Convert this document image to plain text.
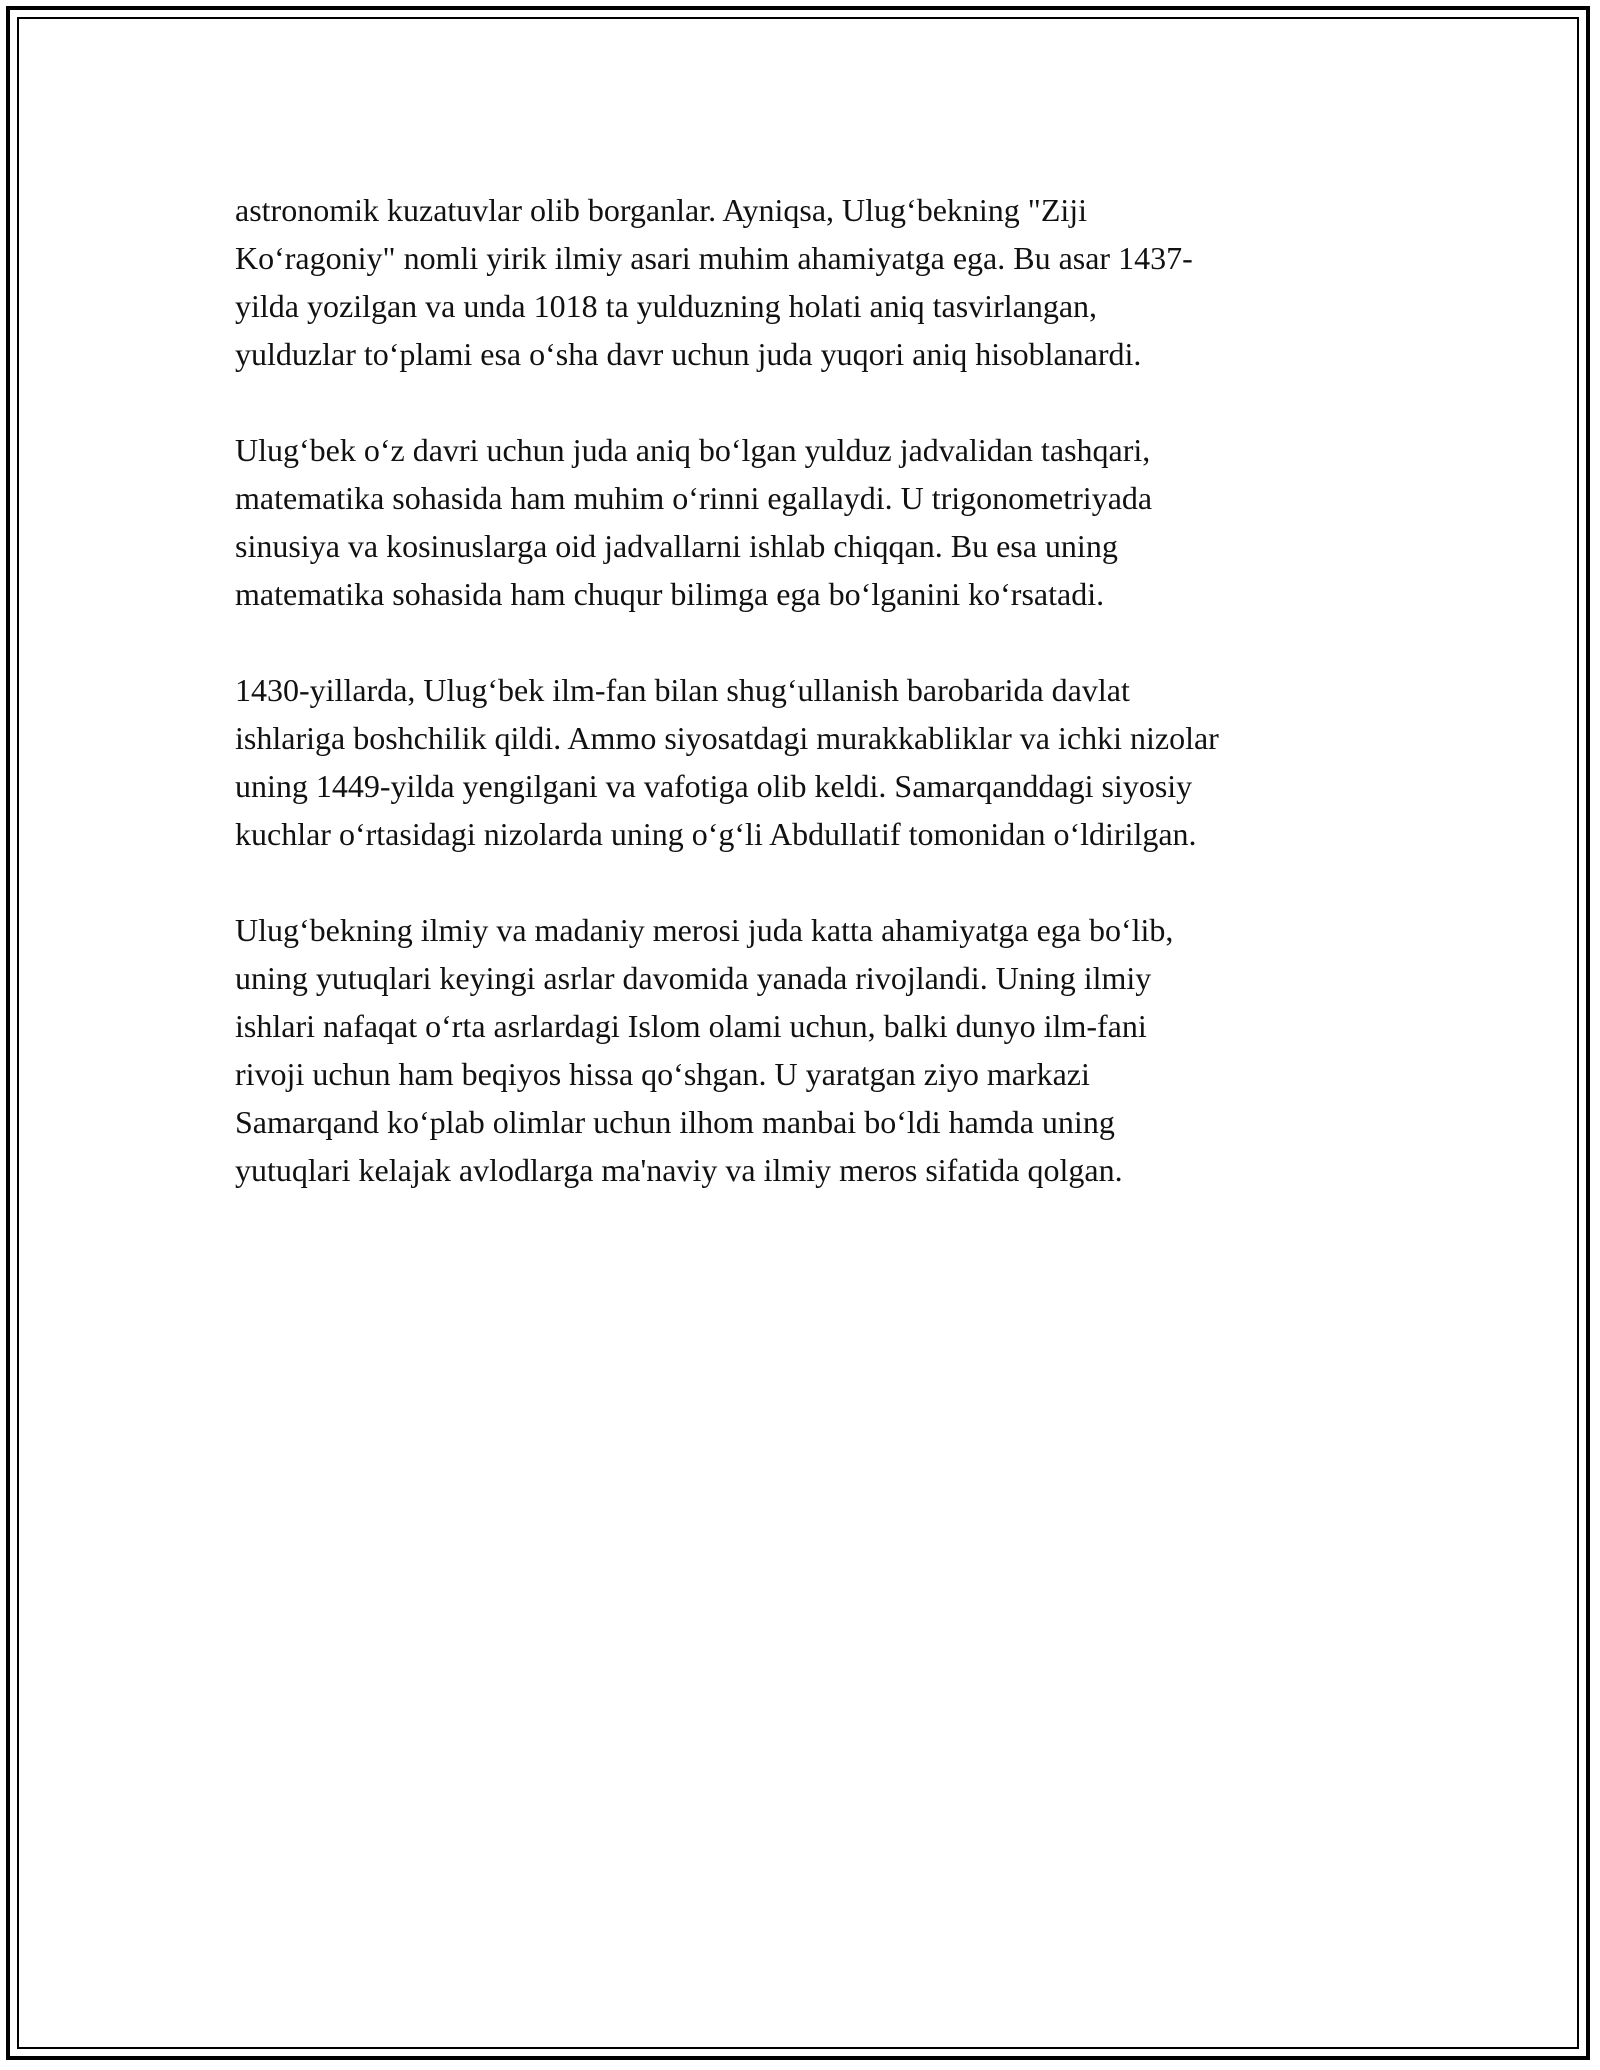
astronomik kuzatuvlar olib borganlar. Ayniqsa, Ulug‘bekning "Ziji
Ko‘ragoniy" nomli yirik ilmiy asari muhim ahamiyatga ega. Bu asar 1437-
yilda yozilgan va unda 1018 ta yulduzning holati aniq tasvirlangan,
yulduzlar to‘plami esa o‘sha davr uchun juda yuqori aniq hisoblanardi.

Ulug‘bek o‘z davri uchun juda aniq bo‘lgan yulduz jadvalidan tashqari,
matematika sohasida ham muhim o‘rinni egallaydi. U trigonometriyada
sinusiya va kosinuslarga oid jadvallarni ishlab chiqqan. Bu esa uning
matematika sohasida ham chuqur bilimga ega bo‘lganini ko‘rsatadi.

1430-yillarda, Ulug‘bek ilm-fan bilan shug‘ullanish barobarida davlat
ishlariga boshchilik qildi. Ammo siyosatdagi murakkabliklar va ichki nizolar
uning 1449-yilda yengilgani va vafotiga olib keldi. Samarqanddagi siyosiy
kuchlar o‘rtasidagi nizolarda uning o‘g‘li Abdullatif tomonidan o‘ldirilgan.

Ulug‘bekning ilmiy va madaniy merosi juda katta ahamiyatga ega bo‘lib,
uning yutuqlari keyingi asrlar davomida yanada rivojlandi. Uning ilmiy
ishlari nafaqat o‘rta asrlardagi Islom olami uchun, balki dunyo ilm-fani
rivoji uchun ham beqiyos hissa qo‘shgan. U yaratgan ziyo markazi
Samarqand ko‘plab olimlar uchun ilhom manbai bo‘ldi hamda uning
yutuqlari kelajak avlodlarga ma'naviy va ilmiy meros sifatida qolgan.
